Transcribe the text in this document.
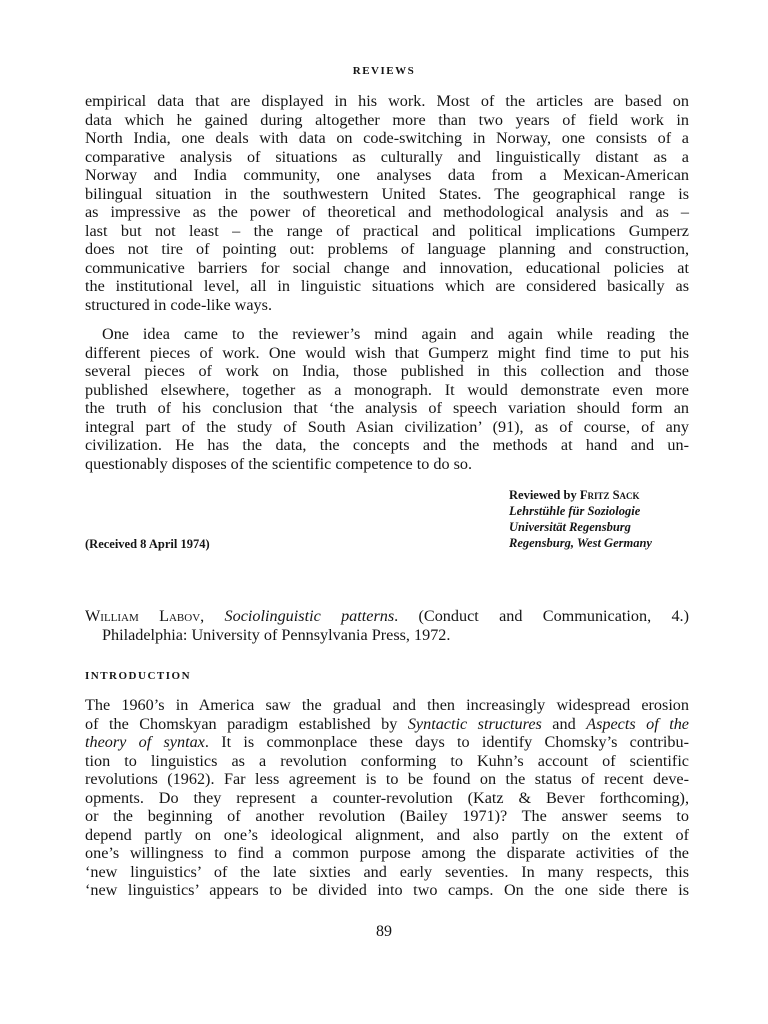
REVIEWS
empirical data that are displayed in his work. Most of the articles are based on
data which he gained during altogether more than two years of field work in
North India, one deals with data on code-switching in Norway, one consists of a
comparative analysis of situations as culturally and linguistically distant as a
Norway and India community, one analyses data from a Mexican-American
bilingual situation in the southwestern United States. The geographical range is
as impressive as the power of theoretical and methodological analysis and as –
last but not least – the range of practical and political implications Gumperz
does not tire of pointing out: problems of language planning and construction,
communicative barriers for social change and innovation, educational policies at
the institutional level, all in linguistic situations which are considered basically as
structured in code-like ways.
One idea came to the reviewer’s mind again and again while reading the
different pieces of work. One would wish that Gumperz might find time to put his
several pieces of work on India, those published in this collection and those
published elsewhere, together as a monograph. It would demonstrate even more
the truth of his conclusion that ‘the analysis of speech variation should form an
integral part of the study of South Asian civilization’ (91), as of course, of any
civilization. He has the data, the concepts and the methods at hand and un-
questionably disposes of the scientific competence to do so.
Reviewed by Fritz Sack
Lehrstühle für Soziologie
Universität Regensburg
Regensburg, West Germany
(Received 8 April 1974)
William Labov, Sociolinguistic patterns. (Conduct and Communication, 4.)
Philadelphia: University of Pennsylvania Press, 1972.
INTRODUCTION
The 1960’s in America saw the gradual and then increasingly widespread erosion
of the Chomskyan paradigm established by Syntactic structures and Aspects of the
theory of syntax. It is commonplace these days to identify Chomsky’s contribu-
tion to linguistics as a revolution conforming to Kuhn’s account of scientific
revolutions (1962). Far less agreement is to be found on the status of recent deve-
opments. Do they represent a counter-revolution (Katz & Bever forthcoming),
or the beginning of another revolution (Bailey 1971)? The answer seems to
depend partly on one’s ideological alignment, and also partly on the extent of
one’s willingness to find a common purpose among the disparate activities of the
‘new linguistics’ of the late sixties and early seventies. In many respects, this
‘new linguistics’ appears to be divided into two camps. On the one side there is
89
